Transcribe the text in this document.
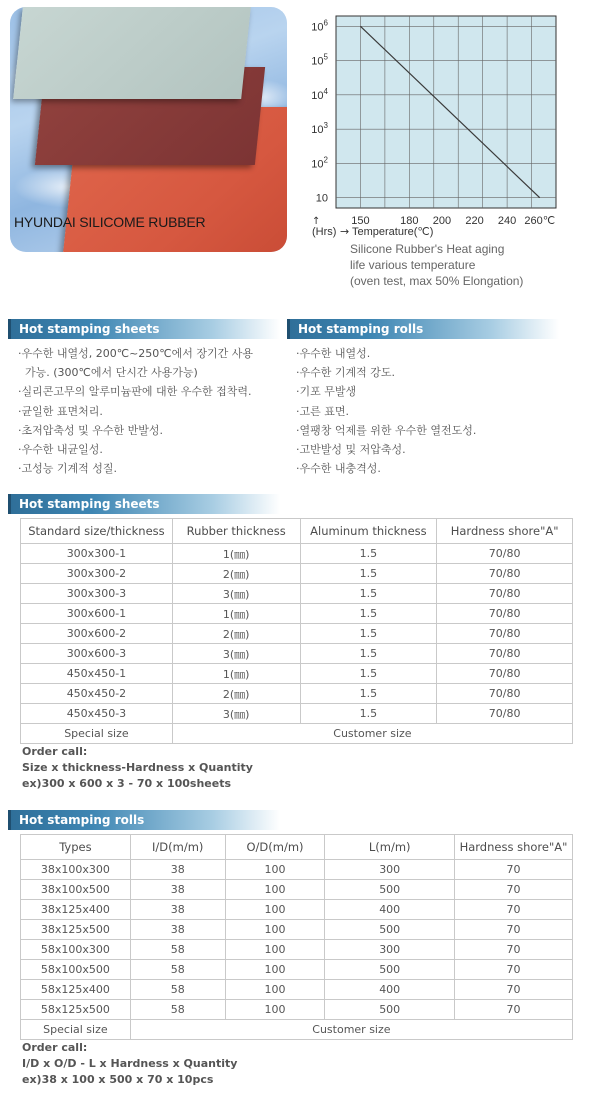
HYUNDAI SILICOME RUBBER
10
$10^2$
$10^3$
$10^4$
$10^5$
$10^6$
150	180 200 220 240 260℃
(Hrs) →
↑
Temperature(℃)
Silicone Rubber's Heat aging
life various temperature
(oven test, max 50% Elongation)
Hot stamping sheets
·우수한 내열성, 200℃~250℃에서 장기간 사용
가능. (300℃에서 단시간 사용가능)
·실리콘고무의 알루미늄판에 대한 우수한 접착력.
·균일한 표면처리.
·초저압축성 및 우수한 반발성.
·우수한 내균일성.
·고성능 기계적 성질.
Hot stamping rolls
·우수한 내열성.
·우수한 기계적 강도.
·기포 무발생
·고른 표면.
·열팽창 억제를 위한 우수한 열전도성.
·고반발성 및 저압축성.
·우수한 내충격성.
Hot stamping sheets
Standard size/thickness	Rubber thickness	Aluminum thickness	Hardness shore"A"
300x300-1	1(㎜)	1.5	70/80
300x300-2	2(㎜)	1.5	70/80
300x300-3	3(㎜)	1.5	70/80
300x600-1	1(㎜)	1.5	70/80
300x600-2	2(㎜)	1.5	70/80
300x600-3	3(㎜)	1.5	70/80
450x450-1	1(㎜)	1.5	70/80
450x450-2	2(㎜)	1.5	70/80
450x450-3	3(㎜)	1.5	70/80
Special size	Customer size		
Order call:
Size x thickness-Hardness x Quantity
ex)300 x 600 x 3 - 70 x 100sheets
Hot stamping rolls
Types	I/D(m/m)	O/D(m/m)	L(m/m)	Hardness shore"A"
38x100x300	38	100	300	70
38x100x500	38	100	500	70
38x125x400	38	100	400	70
38x125x500	38	100	500	70
58x100x300	58	100	300	70
58x100x500	58	100	500	70
58x125x400	58	100	400	70
58x125x500	58	100	500	70
Special size	Customer size			
Order call:
I/D x O/D - L x Hardness x Quantity
ex)38 x 100 x 500 x 70 x 10pcs
